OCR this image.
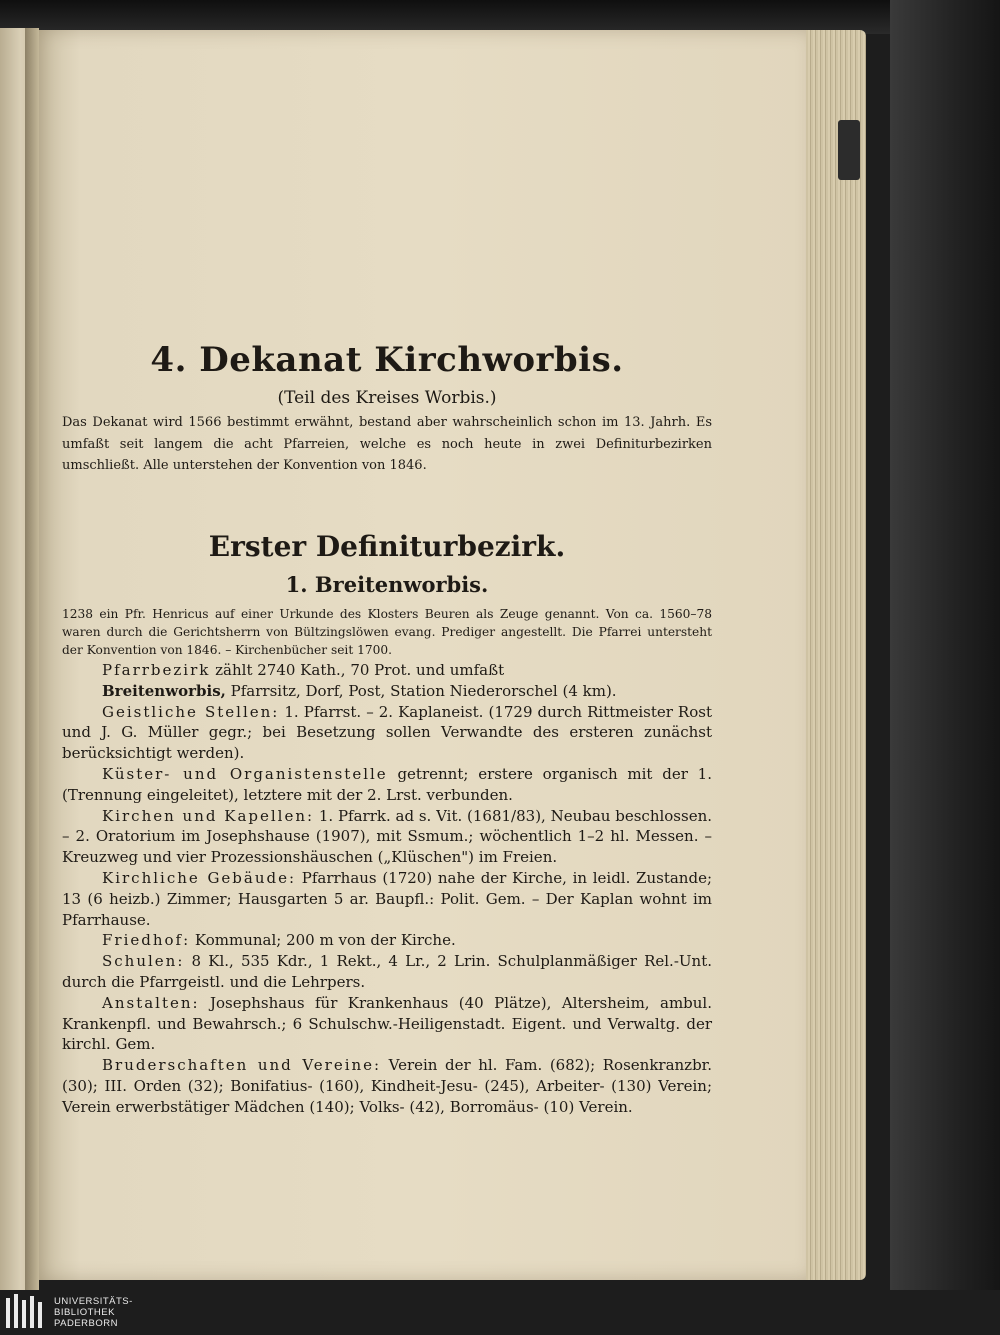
4. Dekanat Kirchworbis.
(Teil des Kreises Worbis.)
Das Dekanat wird 1566 bestimmt erwähnt, bestand aber wahrscheinlich schon im 13. Jahrh. Es umfaßt seit langem die acht Pfarreien, welche es noch heute in zwei Definiturbezirken umschließt. Alle unterstehen der Konvention von 1846.
Erster Definiturbezirk.
1. Breitenworbis.
1238 ein Pfr. Henricus auf einer Urkunde des Klosters Beuren als Zeuge genannt. Von ca. 1560–78 waren durch die Gerichtsherrn von Bültzingslöwen evang. Prediger angestellt. Die Pfarrei untersteht der Konvention von 1846. – Kirchenbücher seit 1700.

Pfarrbezirk zählt 2740 Kath., 70 Prot. und umfaßt

Breitenworbis, Pfarrsitz, Dorf, Post, Station Niederorschel (4 km).

Geistliche Stellen: 1. Pfarrst. – 2. Kaplaneist. (1729 durch Rittmeister Rost und J. G. Müller gegr.; bei Besetzung sollen Verwandte des ersteren zunächst berücksichtigt werden).

Küster- und Organistenstelle getrennt; erstere organisch mit der 1. (Trennung eingeleitet), letztere mit der 2. Lrst. verbunden.

Kirchen und Kapellen: 1. Pfarrk. ad s. Vit. (1681/83), Neubau beschlossen. – 2. Oratorium im Josephshause (1907), mit Ssmum.; wöchentlich 1–2 hl. Messen. – Kreuzweg und vier Prozessionshäuschen („Klüschen") im Freien.

Kirchliche Gebäude: Pfarrhaus (1720) nahe der Kirche, in leidl. Zustande; 13 (6 heizb.) Zimmer; Hausgarten 5 ar. Baupfl.: Polit. Gem. – Der Kaplan wohnt im Pfarrhause.

Friedhof: Kommunal; 200 m von der Kirche.

Schulen: 8 Kl., 535 Kdr., 1 Rekt., 4 Lr., 2 Lrin. Schulplanmäßiger Rel.-Unt. durch die Pfarrgeistl. und die Lehrpers.

Anstalten: Josephshaus für Krankenhaus (40 Plätze), Altersheim, ambul. Krankenpfl. und Bewahrsch.; 6 Schulschw.-Heiligenstadt. Eigent. und Verwaltg. der kirchl. Gem.

Bruderschaften und Vereine: Verein der hl. Fam. (682); Rosenkranzbr. (30); III. Orden (32); Bonifatius- (160), Kindheit-Jesu- (245), Arbeiter- (130) Verein; Verein erwerbstätiger Mädchen (140); Volks- (42), Borromäus- (10) Verein.

UNIVERSITÄTS-
BIBLIOTHEK
PADERBORN
